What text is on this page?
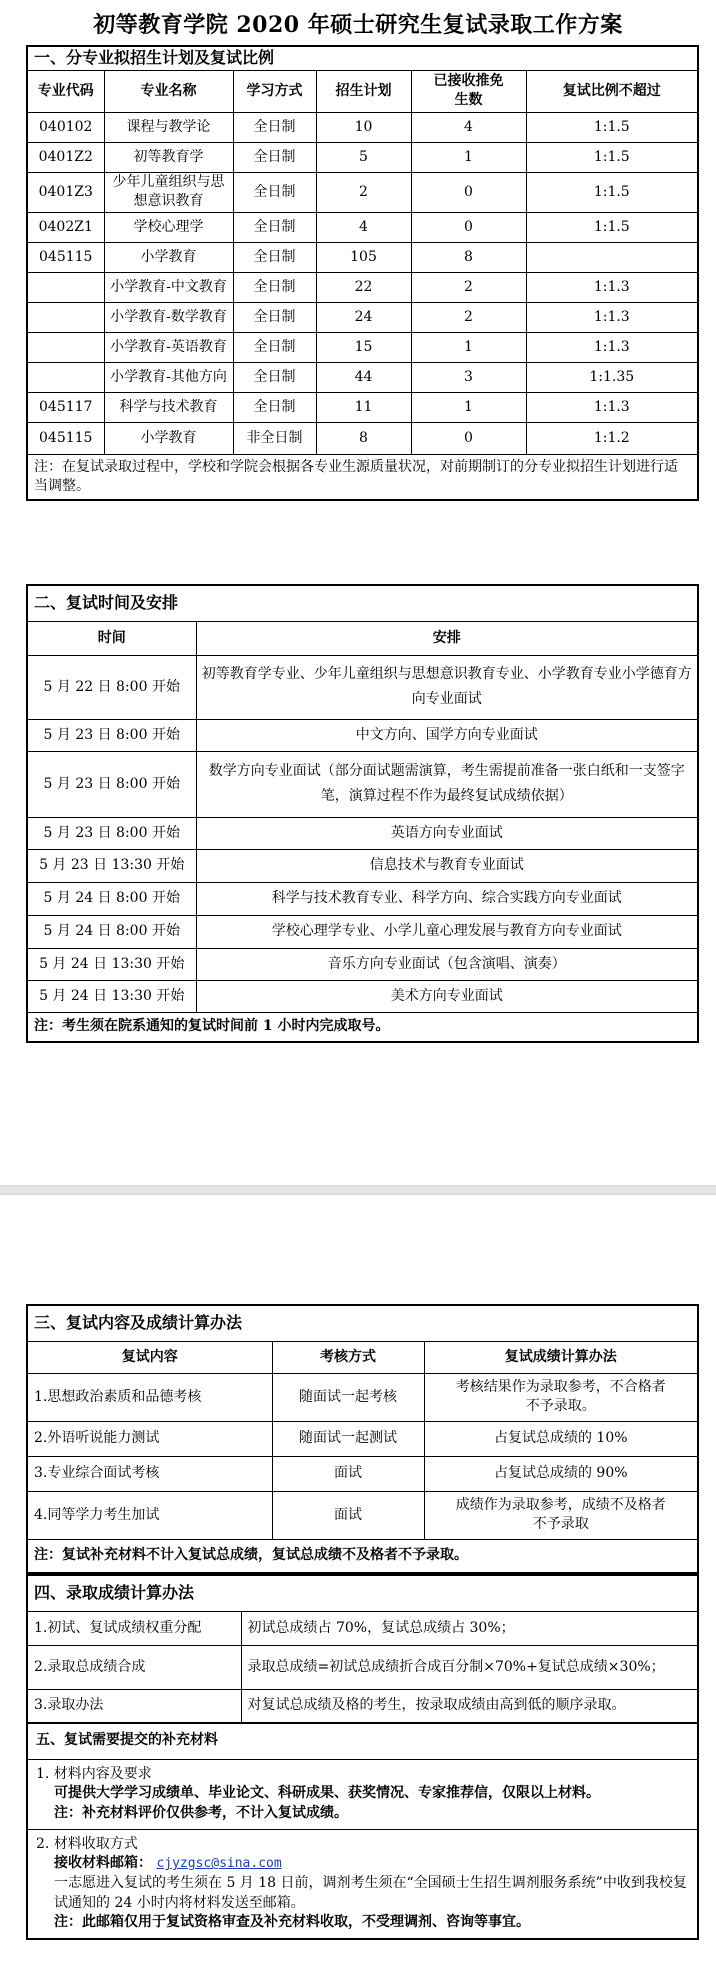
初等教育学院 2020 年硕士研究生复试录取工作方案
一、分专业拟招生计划及复试比例					
专业代码	专业名称	学习方式	招生计划	已接收推免生数	复试比例不超过
040102	课程与教学论	全日制	10	4	1:1.5
0401Z2	初等教育学	全日制	5	1	1:1.5
0401Z3	少年儿童组织与思想意识教育	全日制	2	0	1:1.5
0402Z1	学校心理学	全日制	4	0	1:1.5
045115	小学教育	全日制	105	8	
	小学教育-中文教育	全日制	22	2	1:1.3
	小学教育-数学教育	全日制	24	2	1:1.3
	小学教育-英语教育	全日制	15	1	1:1.3
	小学教育-其他方向	全日制	44	3	1:1.35
045117	科学与技术教育	全日制	11	1	1:1.3
045115	小学教育	非全日制	8	0	1:1.2
注：在复试录取过程中，学校和学院会根据各专业生源质量状况，对前期制订的分专业拟招生计划进行适当调整。					
二、复试时间及安排	
时间	安排
5 月 22 日 8:00 开始	初等教育学专业、少年儿童组织与思想意识教育专业、小学教育专业小学德育方向专业面试
5 月 23 日 8:00 开始	中文方向、国学方向专业面试
5 月 23 日 8:00 开始	数学方向专业面试（部分面试题需演算，考生需提前准备一张白纸和一支签字笔，演算过程不作为最终复试成绩依据）
5 月 23 日 8:00 开始	英语方向专业面试
5 月 23 日 13:30 开始	信息技术与教育专业面试
5 月 24 日 8:00 开始	科学与技术教育专业、科学方向、综合实践方向专业面试
5 月 24 日 8:00 开始	学校心理学专业、小学儿童心理发展与教育方向专业面试
5 月 24 日 13:30 开始	音乐方向专业面试（包含演唱、演奏）
5 月 24 日 13:30 开始	美术方向专业面试
注：考生须在院系通知的复试时间前 1 小时内完成取号。	
三、复试内容及成绩计算办法		
复试内容	考核方式	复试成绩计算办法
1.思想政治素质和品德考核	随面试一起考核	考核结果作为录取参考，不合格者不予录取。
2.外语听说能力测试	随面试一起测试	占复试总成绩的 10%
3.专业综合面试考核	面试	占复试总成绩的 90%
4.同等学力考生加试	面试	成绩作为录取参考，成绩不及格者不予录取
注：复试补充材料不计入复试总成绩，复试总成绩不及格者不予录取。		
四、录取成绩计算办法	
1.初试、复试成绩权重分配	初试总成绩占 70%，复试总成绩占 30%；
2.录取总成绩合成	录取总成绩=初试总成绩折合成百分制×70%+复试总成绩×30%；
3.录取办法	对复试总成绩及格的考生，按录取成绩由高到低的顺序录取。
五、复试需要提交的补充材料

1. 材料内容及要求
可提供大学学习成绩单、毕业论文、科研成果、获奖情况、专家推荐信，仅限以上材料。
注：补充材料评价仅供参考，不计入复试成绩。

2. 材料收取方式
接收材料邮箱： cjyzgsc@sina.com
一志愿进入复试的考生须在 5 月 18 日前，调剂考生须在“全国硕士生招生调剂服务系统”中收到我校复试通知的 24 小时内将材料发送至邮箱。
注：此邮箱仅用于复试资格审查及补充材料收取，不受理调剂、咨询等事宜。
